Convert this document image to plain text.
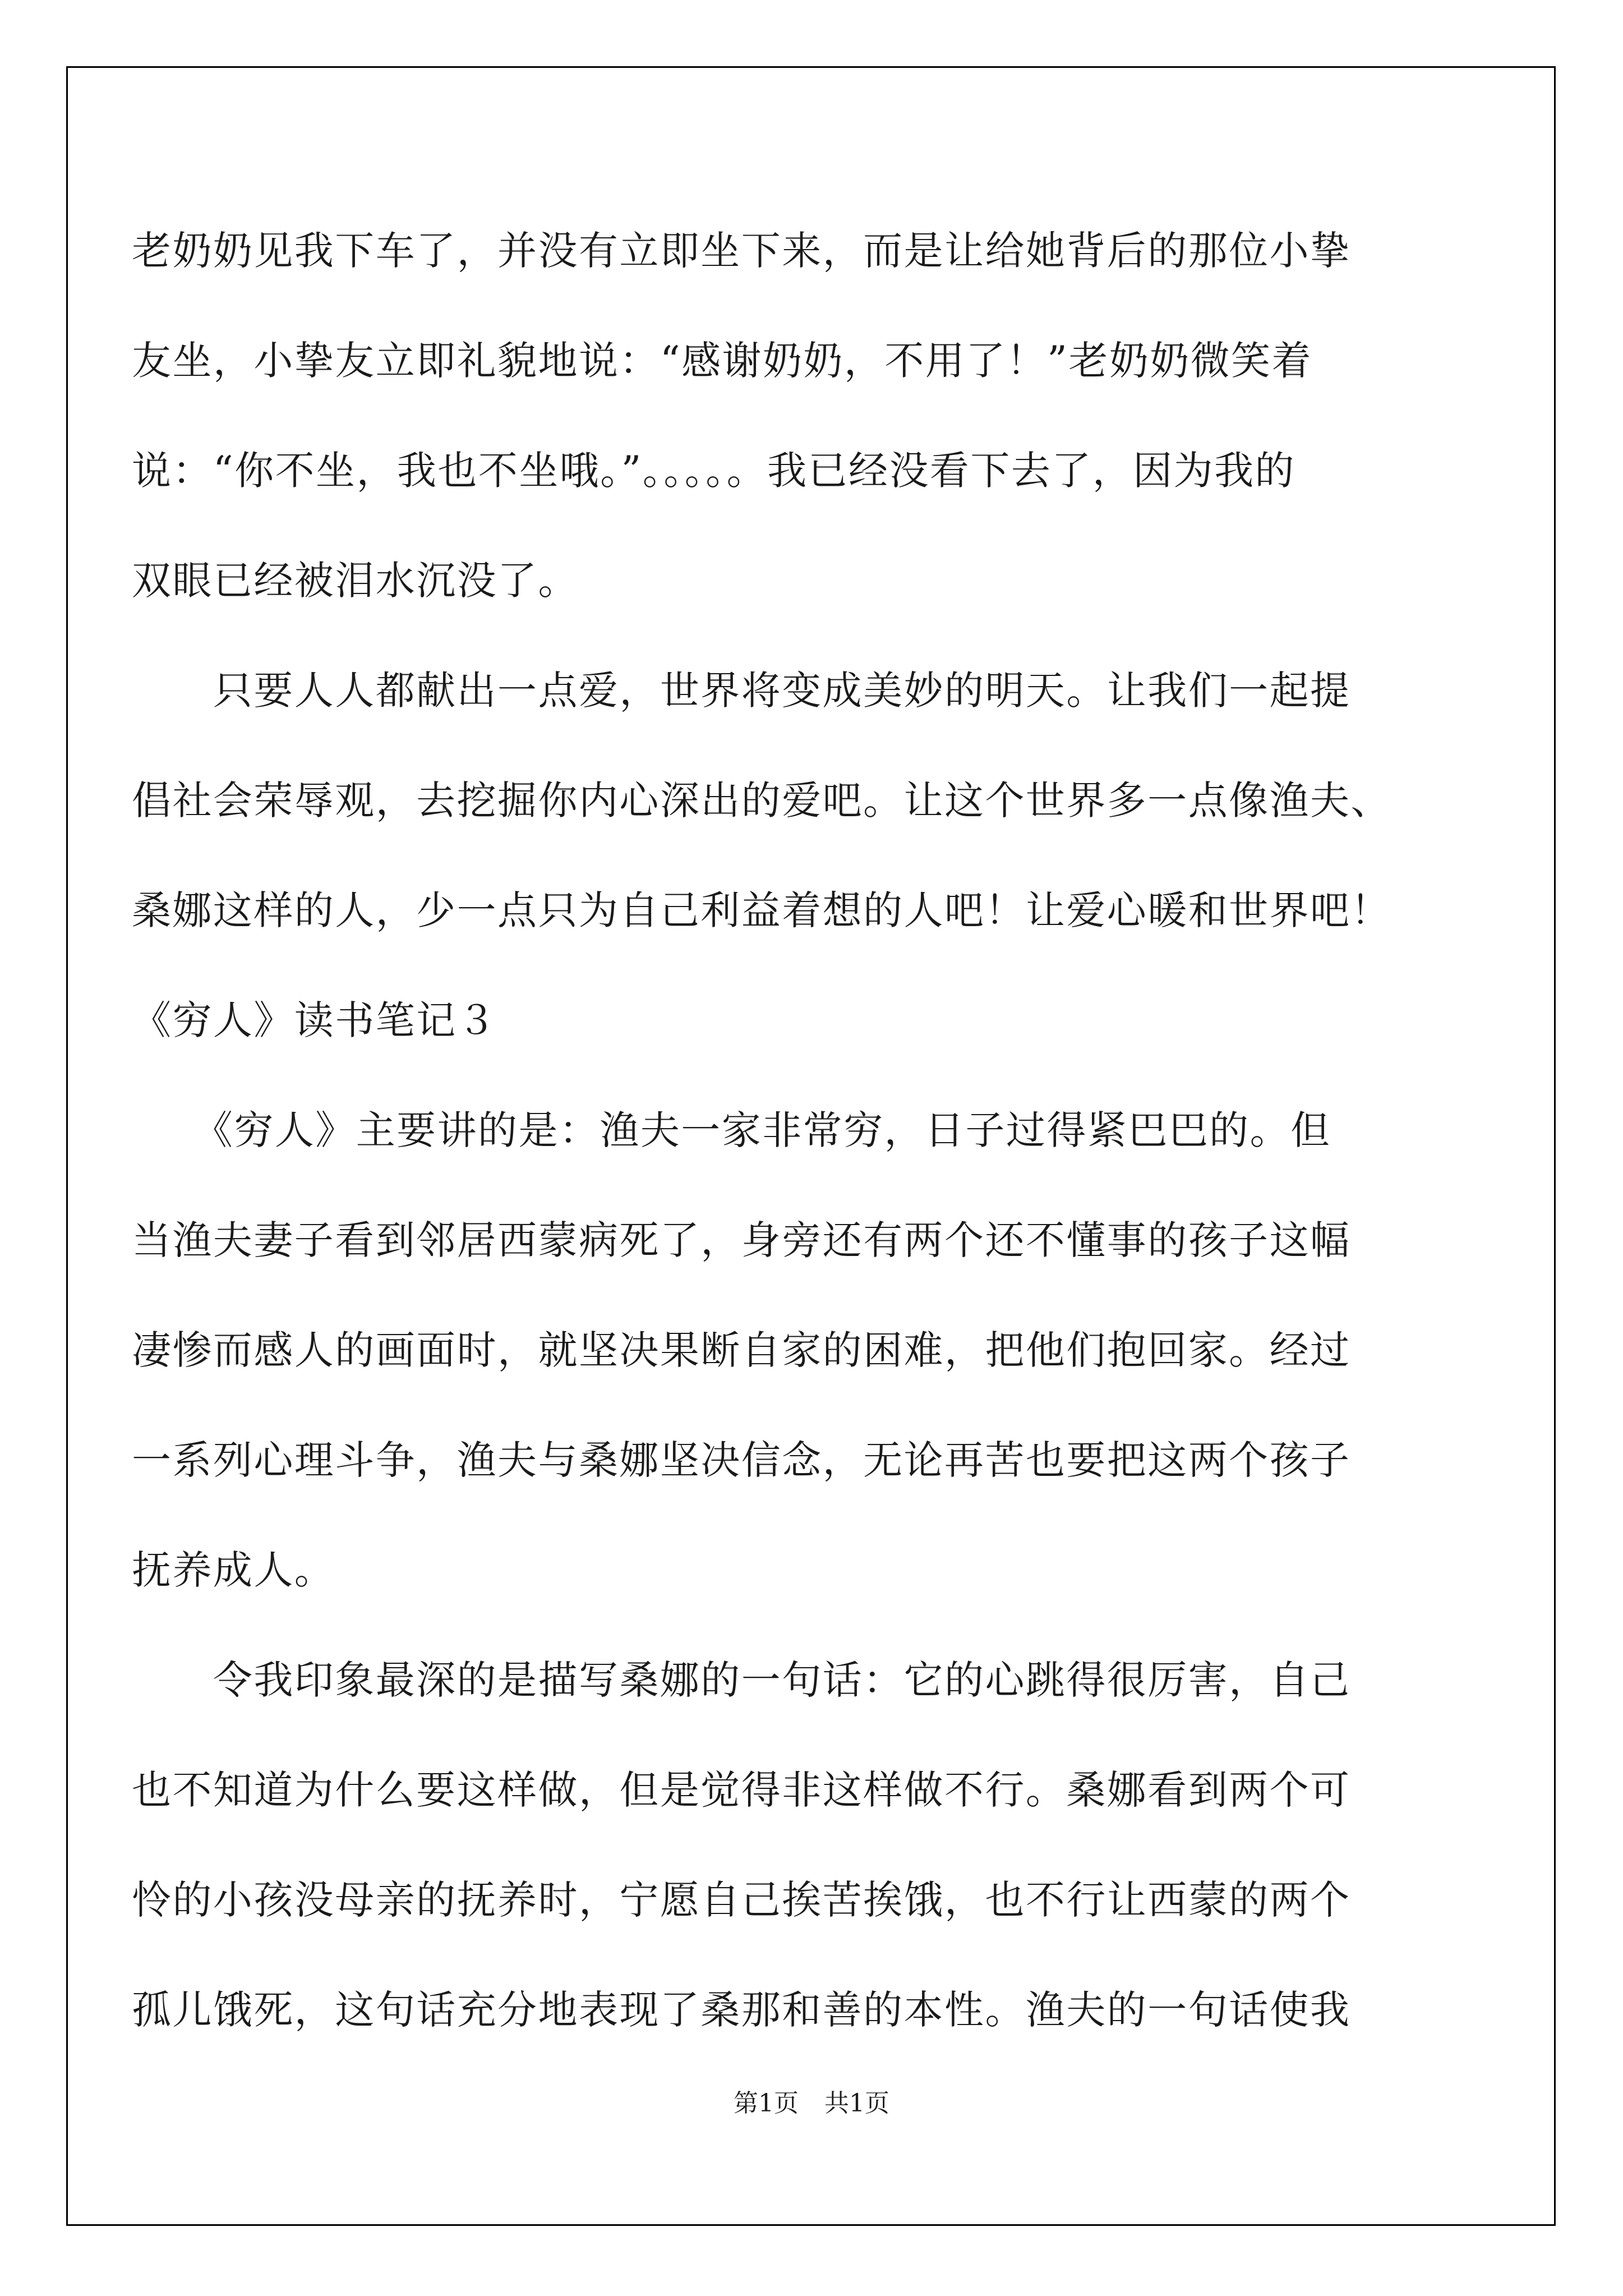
老奶奶见我下车了，并没有立即坐下来，而是让给她背后的那位小挚
友坐，小挚友立即礼貌地说：“感谢奶奶，不用了！”老奶奶微笑着
说：“你不坐，我也不坐哦。”。。。。。我已经没看下去了，因为我的
双眼已经被泪水沉没了。
　　只要人人都献出一点爱，世界将变成美妙的明天。让我们一起提
倡社会荣辱观，去挖掘你内心深出的爱吧。让这个世界多一点像渔夫、
桑娜这样的人，少一点只为自己利益着想的人吧！让爱心暖和世界吧！
《穷人》读书笔记３
　　《穷人》主要讲的是：渔夫一家非常穷，日子过得紧巴巴的。但
当渔夫妻子看到邻居西蒙病死了，身旁还有两个还不懂事的孩子这幅
凄惨而感人的画面时，就坚决果断自家的困难，把他们抱回家。经过
一系列心理斗争，渔夫与桑娜坚决信念，无论再苦也要把这两个孩子
抚养成人。
　　令我印象最深的是描写桑娜的一句话：它的心跳得很厉害，自己
也不知道为什么要这样做，但是觉得非这样做不行。桑娜看到两个可
怜的小孩没母亲的抚养时，宁愿自己挨苦挨饿，也不行让西蒙的两个
孤儿饿死，这句话充分地表现了桑那和善的本性。渔夫的一句话使我
第1页 共1页
